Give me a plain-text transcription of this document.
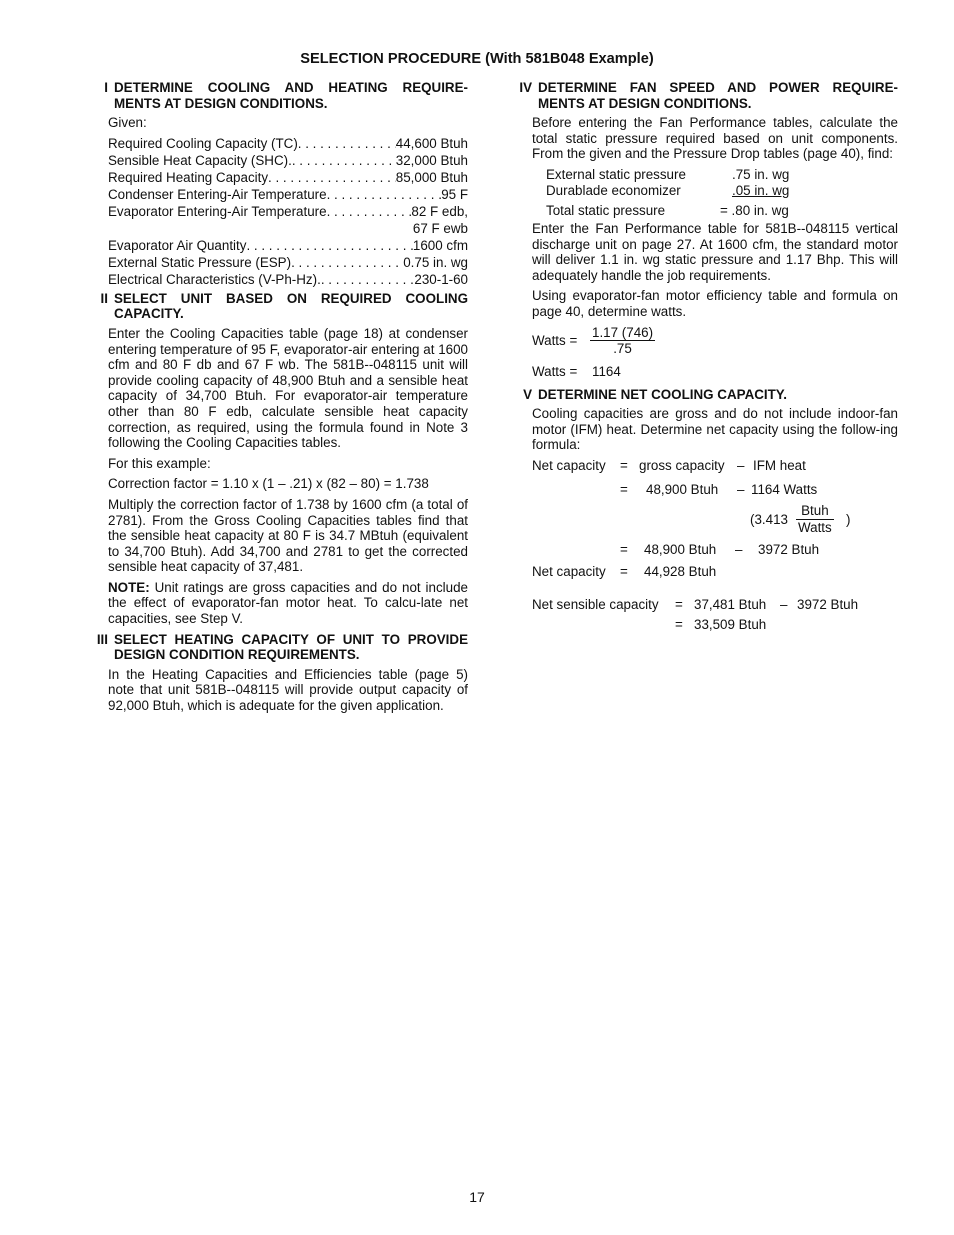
SELECTION PROCEDURE (With 581B048 Example)
I DETERMINE COOLING AND HEATING REQUIRE-MENTS AT DESIGN CONDITIONS.
Given:
Required Cooling Capacity (TC) . . .	44,600 Btuh
Sensible Heat Capacity (SHC). . . .	32,000 Btuh
Required Heating Capacity . . .	85,000 Btuh
Condenser Entering-Air Temperature . . .	95 F
Evaporator Entering-Air Temperature . . .	82 F edb,
67 F ewb
Evaporator Air Quantity . . .	1600 cfm
External Static Pressure (ESP) . . .	0.75 in. wg
Electrical Characteristics (V-Ph-Hz). . . .	230-1-60
II SELECT UNIT BASED ON REQUIRED COOLING CAPACITY.
Enter the Cooling Capacities table (page 18) at condenser entering temperature of 95 F, evaporator-air entering at 1600 cfm and 80 F db and 67 F wb. The 581B--048115 unit will provide cooling capacity of 48,900 Btuh and a sensible heat capacity of 34,700 Btuh. For evaporator-air temperature other than 80 F edb, calculate sensible heat capacity correction, as required, using the formula found in Note 3 following the Cooling Capacities tables.
For this example:
Correction factor = 1.10 x (1 – .21) x (82 – 80) = 1.738
Multiply the correction factor of 1.738 by 1600 cfm (a total of 2781). From the Gross Cooling Capacities tables find that the sensible heat capacity at 80 F is 34.7 MBtuh (equivalent to 34,700 Btuh). Add 34,700 and 2781 to get the corrected sensible heat capacity of 37,481.
NOTE: Unit ratings are gross capacities and do not include the effect of evaporator-fan motor heat. To calcu-late net capacities, see Step V.
III SELECT HEATING CAPACITY OF UNIT TO PROVIDE DESIGN CONDITION REQUIREMENTS.
In the Heating Capacities and Efficiencies table (page 5) note that unit 581B--048115 will provide output capacity of 92,000 Btuh, which is adequate for the given application.
IV DETERMINE FAN SPEED AND POWER REQUIRE-MENTS AT DESIGN CONDITIONS.
Before entering the Fan Performance tables, calculate the total static pressure required based on unit components. From the given and the Pressure Drop tables (page 40), find:
External static pressure	.75 in. wg
Durablade economizer	.05 in. wg
Total static pressure	= .80 in. wg
Enter the Fan Performance table for 581B--048115 vertical discharge unit on page 27. At 1600 cfm, the standard motor will deliver 1.1 in. wg static pressure and 1.17 Bhp. This will adequately handle the job requirements.
Using evaporator-fan motor efficiency table and formula on page 40, determine watts.
Watts = $\frac{1.17 (746)}{.75}$
Watts = 1164
V DETERMINE NET COOLING CAPACITY.
Cooling capacities are gross and do not include indoor-fan motor (IFM) heat. Determine net capacity using the follow-ing formula:
Net capacity = gross capacity – IFM heat
= 48,900 Btuh – 1164 Watts
(3.413
Btuh
Watts
)
= 48,900 Btuh – 3972 Btuh
Net capacity = 44,928 Btuh
Net sensible capacity = 37,481 Btuh – 3972 Btuh
= 33,509 Btuh
17
